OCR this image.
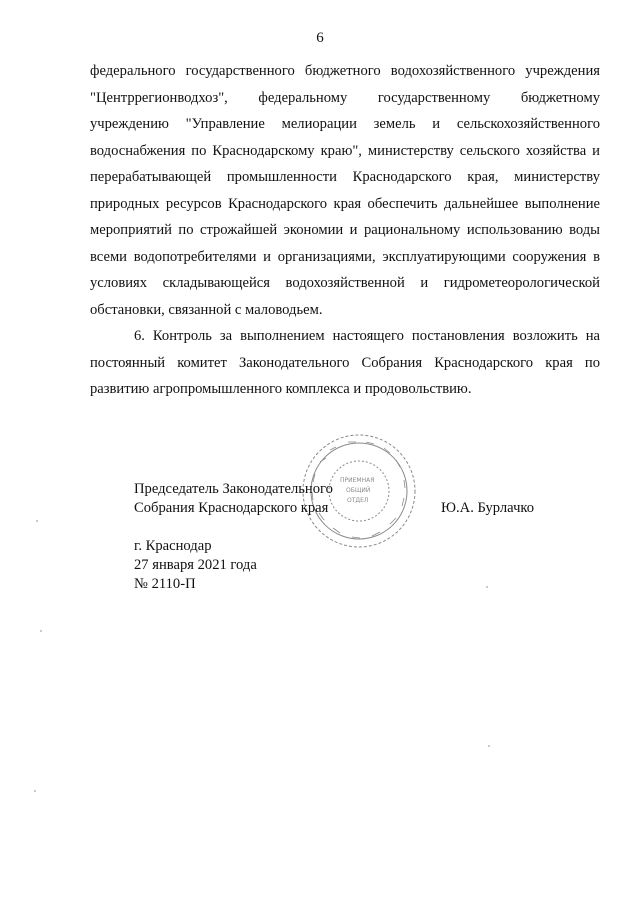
6

федерального государственного бюджетного водохозяйственного учреждения "Центррегионводхоз", федеральному государственному бюджетному учреждению "Управление мелиорации земель и сельскохозяйственного водоснабжения по Краснодарскому краю", министерству сельского хозяйства и перерабатывающей промышленности Краснодарского края, министерству природных ресурсов Краснодарского края обеспечить дальнейшее выполнение мероприятий по строжайшей экономии и рациональному использованию воды всеми водопотребителями и организациями, эксплуатирующими сооружения в условиях складывающейся водохозяйственной и гидрометеорологической обстановки, связанной с маловодьем.

6. Контроль за выполнением настоящего постановления возложить на постоянный комитет Законодательного Собрания Краснодарского края по развитию агропромышленного комплекса и продовольствию.

ПРИЕМНАЯ
ОБЩИЙ
ОТДЕЛ
Председатель Законодательного
Собрания Краснодарского края	Ю.А. Бурлачко
г. Краснодар
27 января 2021 года
№ 2110-П
